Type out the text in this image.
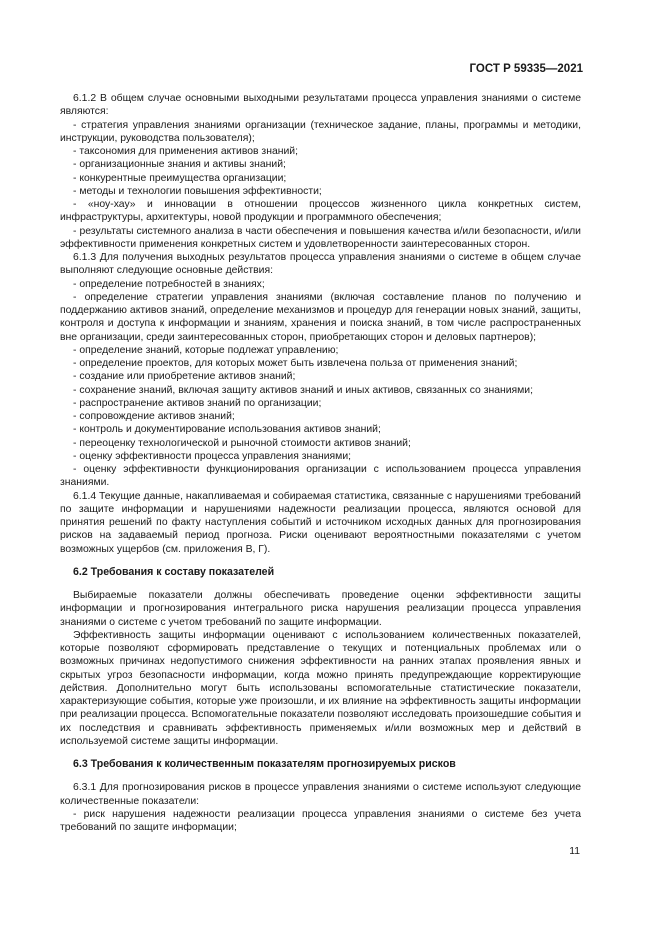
ГОСТ Р 59335—2021

6.1.2 В общем случае основными выходными результатами процесса управления знаниями о системе являются:

- стратегия управления знаниями организации (техническое задание, планы, программы и методики, инструкции, руководства пользователя);

- таксономия для применения активов знаний;

- организационные знания и активы знаний;

- конкурентные преимущества организации;

- методы и технологии повышения эффективности;

- «ноу-хау» и инновации в отношении процессов жизненного цикла конкретных систем, инфраструктуры, архитектуры, новой продукции и программного обеспечения;

- результаты системного анализа в части обеспечения и повышения качества и/или безопасности, и/или эффективности применения конкретных систем и удовлетворенности заинтересованных сторон.

6.1.3 Для получения выходных результатов процесса управления знаниями о системе в общем случае выполняют следующие основные действия:

- определение потребностей в знаниях;

- определение стратегии управления знаниями (включая составление планов по получению и поддержанию активов знаний, определение механизмов и процедур для генерации новых знаний, защиты, контроля и доступа к информации и знаниям, хранения и поиска знаний, в том числе распространенных вне организации, среди заинтересованных сторон, приобретающих сторон и деловых партнеров);

- определение знаний, которые подлежат управлению;

- определение проектов, для которых может быть извлечена польза от применения знаний;

- создание или приобретение активов знаний;

- сохранение знаний, включая защиту активов знаний и иных активов, связанных со знаниями;

- распространение активов знаний по организации;

- сопровождение активов знаний;

- контроль и документирование использования активов знаний;

- переоценку технологической и рыночной стоимости активов знаний;

- оценку эффективности процесса управления знаниями;

- оценку эффективности функционирования организации с использованием процесса управления знаниями.

6.1.4 Текущие данные, накапливаемая и собираемая статистика, связанные с нарушениями требований по защите информации и нарушениями надежности реализации процесса, являются основой для принятия решений по факту наступления событий и источником исходных данных для прогнозирования рисков на задаваемый период прогноза. Риски оценивают вероятностными показателями с учетом возможных ущербов (см. приложения В, Г).

6.2 Требования к составу показателей

Выбираемые показатели должны обеспечивать проведение оценки эффективности защиты информации и прогнозирования интегрального риска нарушения реализации процесса управления знаниями о системе с учетом требований по защите информации.

Эффективность защиты информации оценивают с использованием количественных показателей, которые позволяют сформировать представление о текущих и потенциальных проблемах или о возможных причинах недопустимого снижения эффективности на ранних этапах проявления явных и скрытых угроз безопасности информации, когда можно принять предупреждающие корректирующие действия. Дополнительно могут быть использованы вспомогательные статистические показатели, характеризующие события, которые уже произошли, и их влияние на эффективность защиты информации при реализации процесса. Вспомогательные показатели позволяют исследовать произошедшие события и их последствия и сравнивать эффективность применяемых и/или возможных мер и действий в используемой системе защиты информации.

6.3 Требования к количественным показателям прогнозируемых рисков

6.3.1 Для прогнозирования рисков в процессе управления знаниями о системе используют следующие количественные показатели:

- риск нарушения надежности реализации процесса управления знаниями о системе без учета требований по защите информации;

11
